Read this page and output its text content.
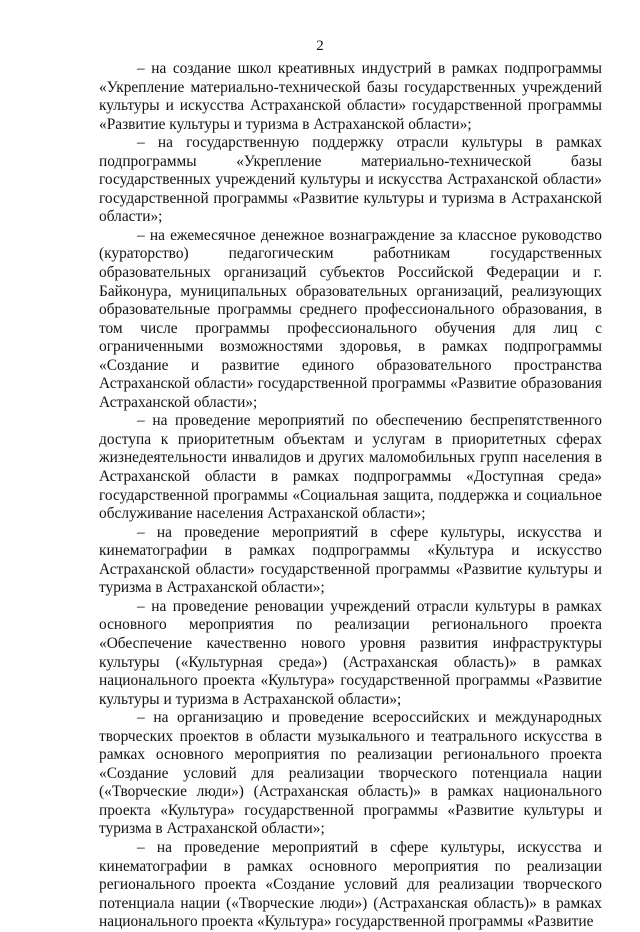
2

– на создание школ креативных индустрий в рамках подпрограммы «Укрепление материально-технической базы государственных учреждений культуры и искусства Астраханской области» государственной программы «Развитие культуры и туризма в Астраханской области»;

– на государственную поддержку отрасли культуры в рамках подпрограммы «Укрепление материально-технической базы государственных учреждений культуры и искусства Астраханской области» государственной программы «Развитие культуры и туризма в Астраханской области»;

– на ежемесячное денежное вознаграждение за классное руководство (кураторство) педагогическим работникам государственных образовательных организаций субъектов Российской Федерации и г. Байконура, муниципальных образовательных организаций, реализующих образовательные программы среднего профессионального образования, в том числе программы профессионального обучения для лиц с ограниченными возможностями здоровья, в рамках подпрограммы «Создание и развитие единого образовательного пространства Астраханской области» государственной программы «Развитие образования Астраханской области»;

– на проведение мероприятий по обеспечению беспрепятственного доступа к приоритетным объектам и услугам в приоритетных сферах жизнедеятельности инвалидов и других маломобильных групп населения в Астраханской области в рамках подпрограммы «Доступная среда» государственной программы «Социальная защита, поддержка и социальное обслуживание населения Астраханской области»;

– на проведение мероприятий в сфере культуры, искусства и кинематографии в рамках подпрограммы «Культура и искусство Астраханской области» государственной программы «Развитие культуры и туризма в Астраханской области»;

– на проведение реновации учреждений отрасли культуры в рамках основного мероприятия по реализации регионального проекта «Обеспечение качественно нового уровня развития инфраструктуры культуры («Культурная среда») (Астраханская область)» в рамках национального проекта «Культура» государственной программы «Развитие культуры и туризма в Астраханской области»;

– на организацию и проведение всероссийских и международных творческих проектов в области музыкального и театрального искусства в рамках основного мероприятия по реализации регионального проекта «Создание условий для реализации творческого потенциала нации («Творческие люди») (Астраханская область)» в рамках национального проекта «Культура» государственной программы «Развитие культуры и туризма в Астраханской области»;

– на проведение мероприятий в сфере культуры, искусства и кинематографии в рамках основного мероприятия по реализации регионального проекта «Создание условий для реализации творческого потенциала нации («Творческие люди») (Астраханская область)» в рамках национального проекта «Культура» государственной программы «Развитие
